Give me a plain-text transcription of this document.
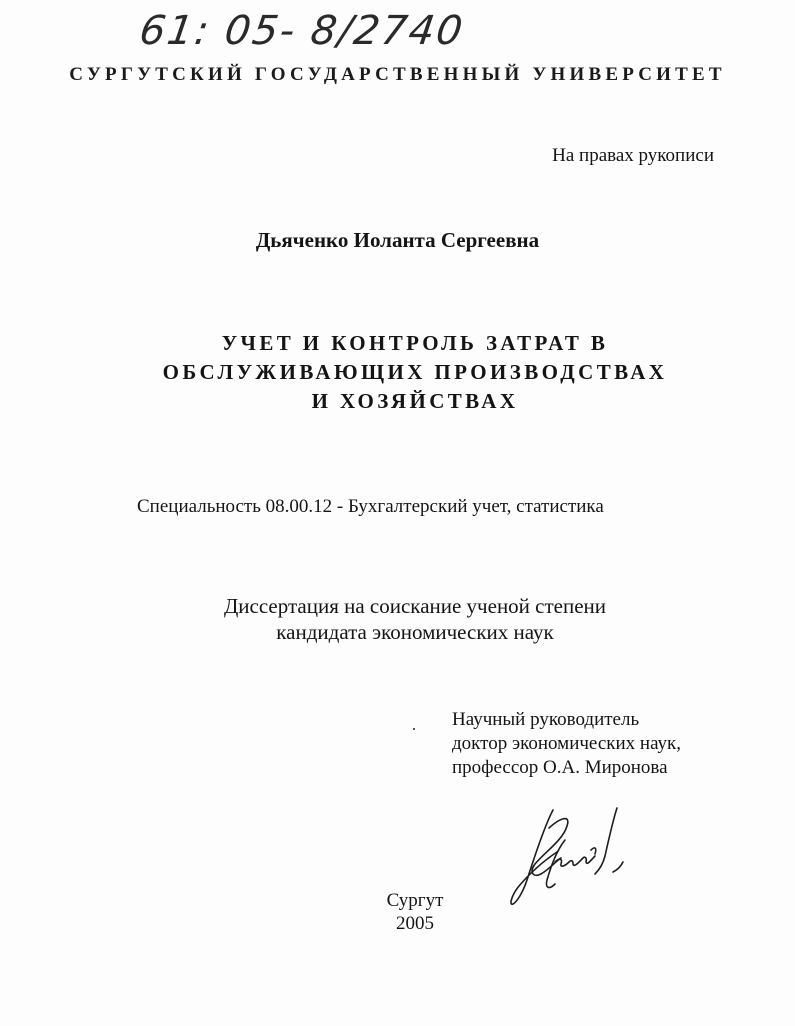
61: 05- 8/2740
СУРГУТСКИЙ ГОСУДАРСТВЕННЫЙ УНИВЕРСИТЕТ
На правах рукописи
Дьяченко Иоланта Сергеевна
УЧЕТ И КОНТРОЛЬ ЗАТРАТ В
ОБСЛУЖИВАЮЩИХ ПРОИЗВОДСТВАХ
И ХОЗЯЙСТВАХ
Специальность 08.00.12 - Бухгалтерский учет, статистика
Диссертация на соискание ученой степени
кандидата экономических наук
Научный руководитель
доктор экономических наук,
профессор О.А. Миронова
Сургут
2005
